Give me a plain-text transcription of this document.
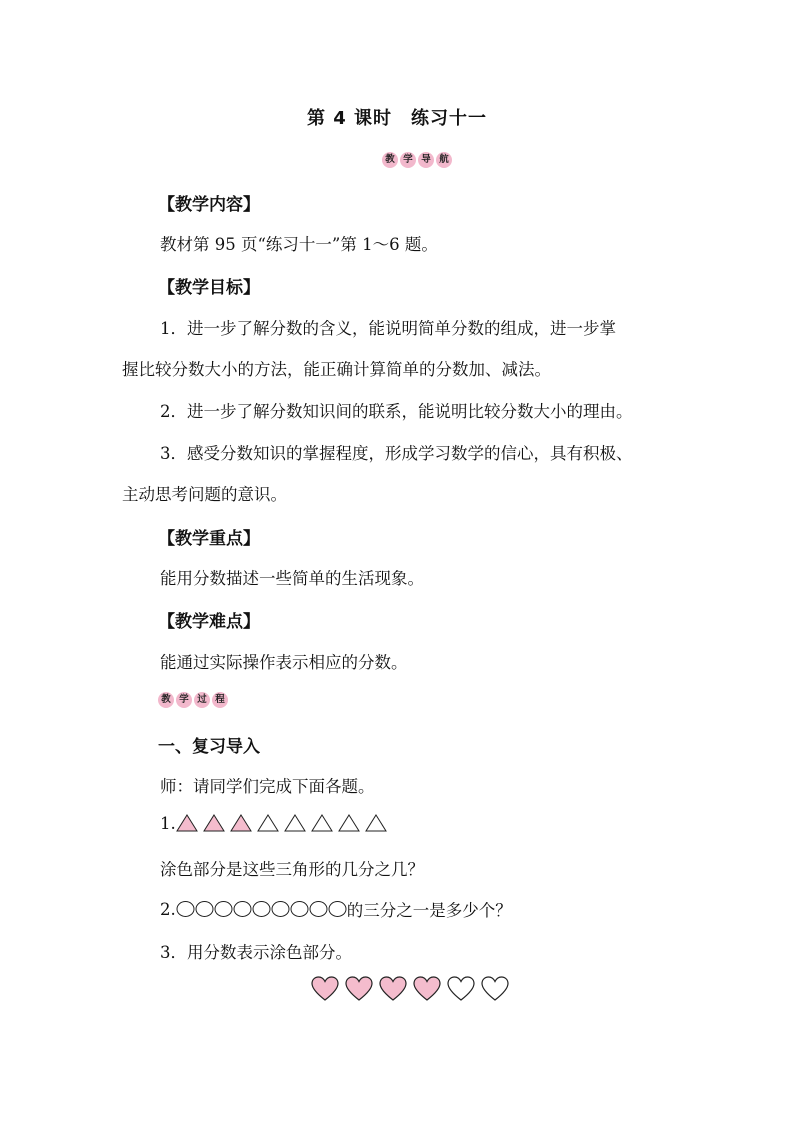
第 4 课时　练习十一
教 学 导 航
【教学内容】
教材第 95 页“练习十一”第 1～6 题。
【教学目标】
1．进一步了解分数的含义，能说明简单分数的组成，进一步掌
握比较分数大小的方法，能正确计算简单的分数加、减法。
2．进一步了解分数知识间的联系，能说明比较分数大小的理由。
3．感受分数知识的掌握程度，形成学习数学的信心，具有积极、
主动思考问题的意识。
【教学重点】
能用分数描述一些简单的生活现象。
【教学难点】
能通过实际操作表示相应的分数。
教 学 过 程
一、复习导入
师：请同学们完成下面各题。
1.
涂色部分是这些三角形的几分之几？
2.	的三分之一是多少个？
3．用分数表示涂色部分。
